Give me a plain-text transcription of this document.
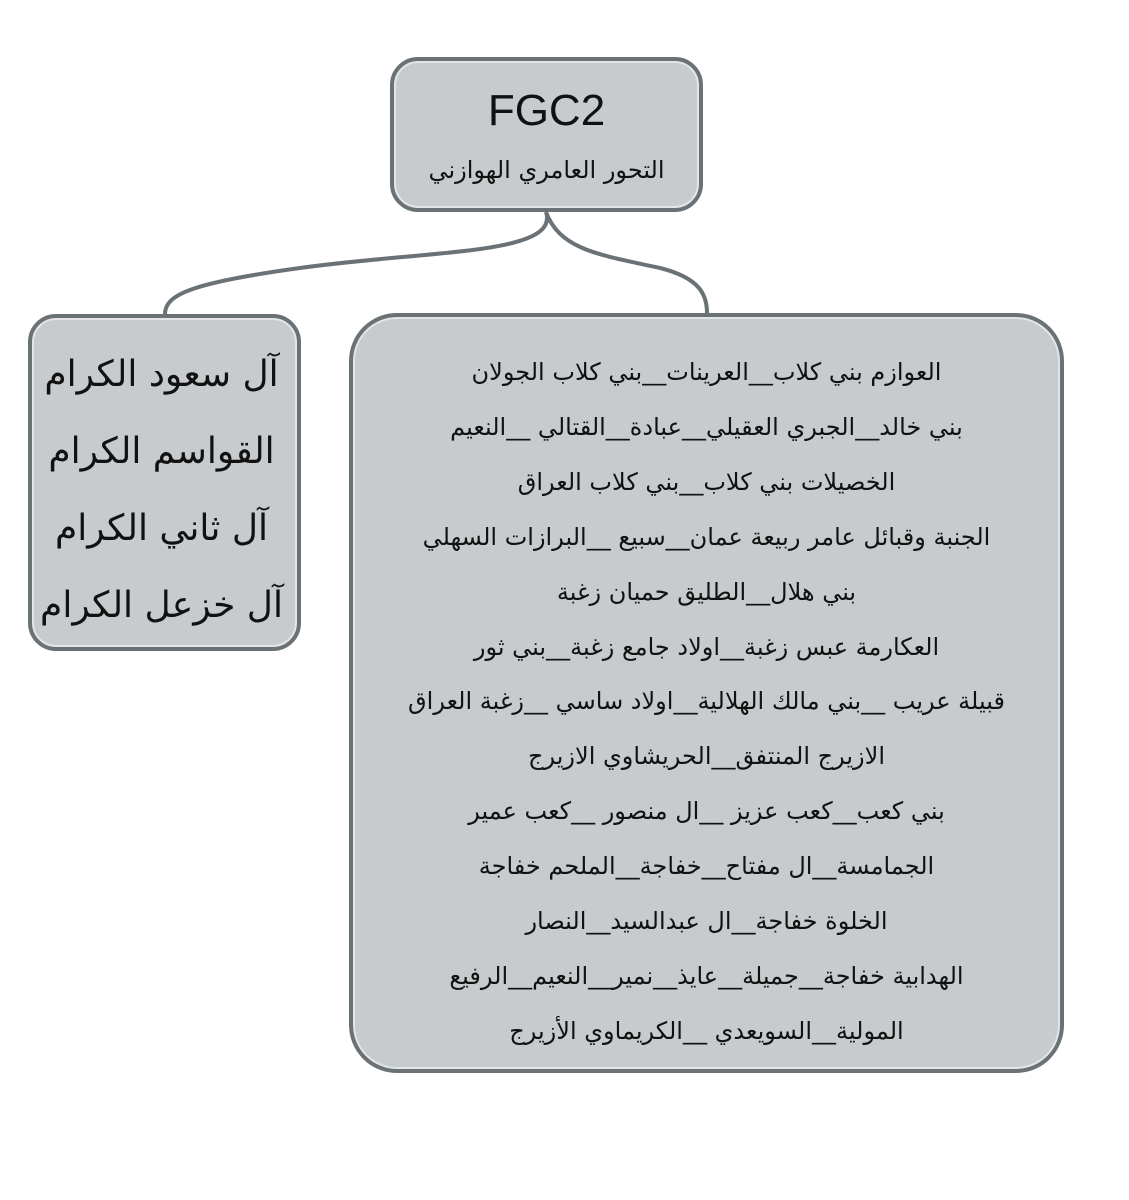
FGC2
التحور العامري الهوازني
آل سعود الكرام
القواسم الكرام
آل ثاني الكرام
آل خزعل الكرام
العوازم بني كلاب__العرينات__بني كلاب الجولان
بني خالد__الجبري العقيلي__عبادة__القتالي __النعيم
الخصيلات بني كلاب__بني كلاب العراق
الجنبة وقبائل عامر ربيعة عمان__سبيع __البرازات السهلي
بني هلال__الطليق حميان زغبة
العكارمة عبس زغبة__اولاد جامع زغبة__بني ثور
قبيلة عريب __بني مالك الهلالية__اولاد ساسي __زغبة العراق
الازيرج المنتفق__الحريشاوي الازيرج
بني كعب__كعب عزيز __ال منصور __كعب عمير
الجمامسة__ال مفتاح__خفاجة__الملحم خفاجة
الخلوة خفاجة__ال عبدالسيد__النصار
الهدابية خفاجة__جميلة__عايذ__نمير__النعيم__الرفيع
المولية__السويعدي __الكريماوي الأزيرج
